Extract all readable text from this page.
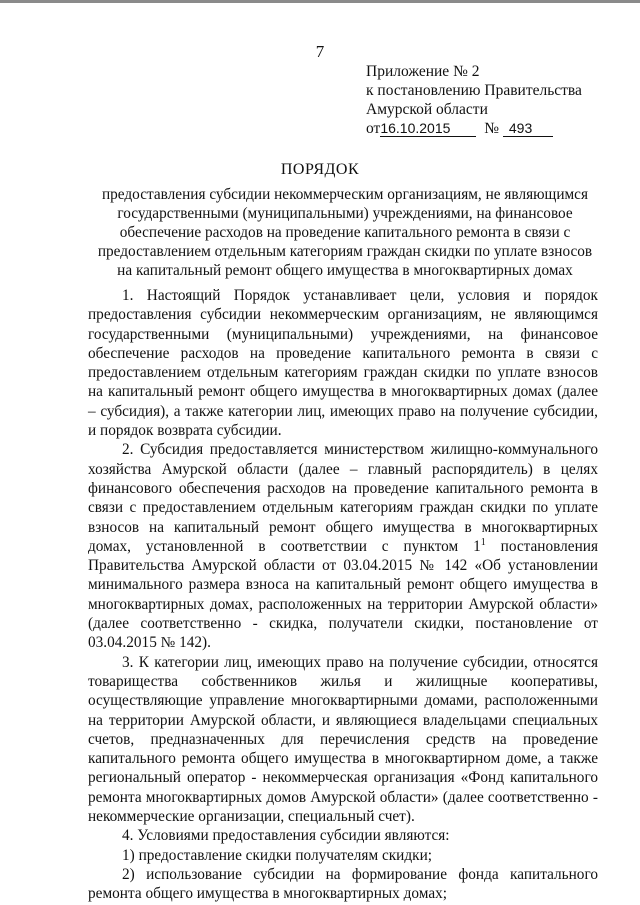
7
Приложение № 2
к постановлению Правительства
Амурской области
от16.10.2015 № 493
ПОРЯДОК
предоставления субсидии некоммерческим организациям, не являющимся государственными (муниципальными) учреждениями, на финансовое обеспечение расходов на проведение капитального ремонта в связи с предоставлением отдельным категориям граждан скидки по уплате взносов на капитальный ремонт общего имущества в многоквартирных домах

1. Настоящий Порядок устанавливает цели, условия и порядок предоставления субсидии некоммерческим организациям, не являющимся государственными (муниципальными) учреждениями, на финансовое обеспечение расходов на проведение капитального ремонта в связи с предоставлением отдельным категориям граждан скидки по уплате взносов на капитальный ремонт общего имущества в многоквартирных домах (далее – субсидия), а также категории лиц, имеющих право на получение субсидии, и порядок возврата субсидии.

2. Субсидия предоставляется министерством жилищно-коммунального хозяйства Амурской области (далее – главный распорядитель) в целях финансового обеспечения расходов на проведение капитального ремонта в связи с предоставлением отдельным категориям граждан скидки по уплате взносов на капитальный ремонт общего имущества в многоквартирных домах, установленной в соответствии с пунктом $1^1$ постановления Правительства Амурской области от 03.04.2015 № 142 «Об установлении минимального размера взноса на капитальный ремонт общего имущества в многоквартирных домах, расположенных на территории Амурской области» (далее соответственно - скидка, получатели скидки, постановление от 03.04.2015 № 142).

3. К категории лиц, имеющих право на получение субсидии, относятся товарищества собственников жилья и жилищные кооперативы, осуществляющие управление многоквартирными домами, расположенными на территории Амурской области, и являющиеся владельцами специальных счетов, предназначенных для перечисления средств на проведение капитального ремонта общего имущества в многоквартирном доме, а также региональный оператор - некоммерческая организация «Фонд капитального ремонта многоквартирных домов Амурской области» (далее соответственно - некоммерческие организации, специальный счет).

4. Условиями предоставления субсидии являются:

1) предоставление скидки получателям скидки;

2) использование субсидии на формирование фонда капитального ремонта общего имущества в многоквартирных домах;
